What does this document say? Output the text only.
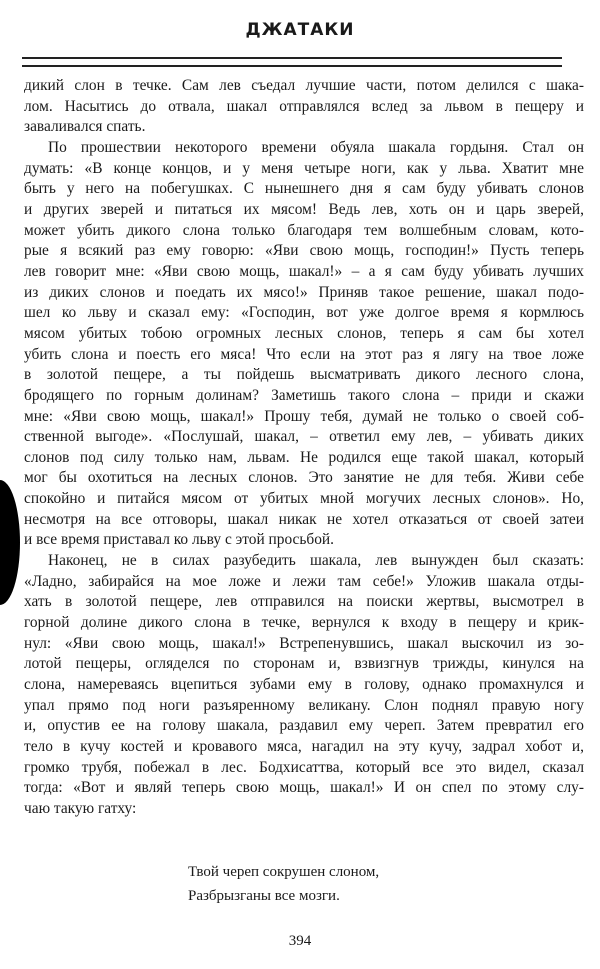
ДЖАТАКИ
дикий слон в течке. Сам лев съедал лучшие части, потом делился с шака-
лом. Насытись до отвала, шакал отправлялся вслед за львом в пещеру и
заваливался спать.
По прошествии некоторого времени обуяла шакала гордыня. Стал он
думать: «В конце концов, и у меня четыре ноги, как у льва. Хватит мне
быть у него на побегушках. С нынешнего дня я сам буду убивать слонов
и других зверей и питаться их мясом! Ведь лев, хоть он и царь зверей,
может убить дикого слона только благодаря тем волшебным словам, кото-
рые я всякий раз ему говорю: «Яви свою мощь, господин!» Пусть теперь
лев говорит мне: «Яви свою мощь, шакал!» – а я сам буду убивать лучших
из диких слонов и поедать их мясо!» Приняв такое решение, шакал подо-
шел ко льву и сказал ему: «Господин, вот уже долгое время я кормлюсь
мясом убитых тобою огромных лесных слонов, теперь я сам бы хотел
убить слона и поесть его мяса! Что если на этот раз я лягу на твое ложе
в золотой пещере, а ты пойдешь высматривать дикого лесного слона,
бродящего по горным долинам? Заметишь такого слона – приди и скажи
мне: «Яви свою мощь, шакал!» Прошу тебя, думай не только о своей соб-
ственной выгоде». «Послушай, шакал, – ответил ему лев, – убивать диких
слонов под силу только нам, львам. Не родился еще такой шакал, который
мог бы охотиться на лесных слонов. Это занятие не для тебя. Живи себе
спокойно и питайся мясом от убитых мной могучих лесных слонов». Но,
несмотря на все отговоры, шакал никак не хотел отказаться от своей затеи
и все время приставал ко льву с этой просьбой.
Наконец, не в силах разубедить шакала, лев вынужден был сказать:
«Ладно, забирайся на мое ложе и лежи там себе!» Уложив шакала отды-
хать в золотой пещере, лев отправился на поиски жертвы, высмотрел в
горной долине дикого слона в течке, вернулся к входу в пещеру и крик-
нул: «Яви свою мощь, шакал!» Встрепенувшись, шакал выскочил из зо-
лотой пещеры, огляделся по сторонам и, взвизгнув трижды, кинулся на
слона, намереваясь вцепиться зубами ему в голову, однако промахнулся и
упал прямо под ноги разъяренному великану. Слон поднял правую ногу
и, опустив ее на голову шакала, раздавил ему череп. Затем превратил его
тело в кучу костей и кровавого мяса, нагадил на эту кучу, задрал хобот и,
громко трубя, побежал в лес. Бодхисаттва, который все это видел, сказал
тогда: «Вот и являй теперь свою мощь, шакал!» И он спел по этому слу-
чаю такую гатху:
Твой череп сокрушен слоном,
Разбрызганы все мозги.
394
